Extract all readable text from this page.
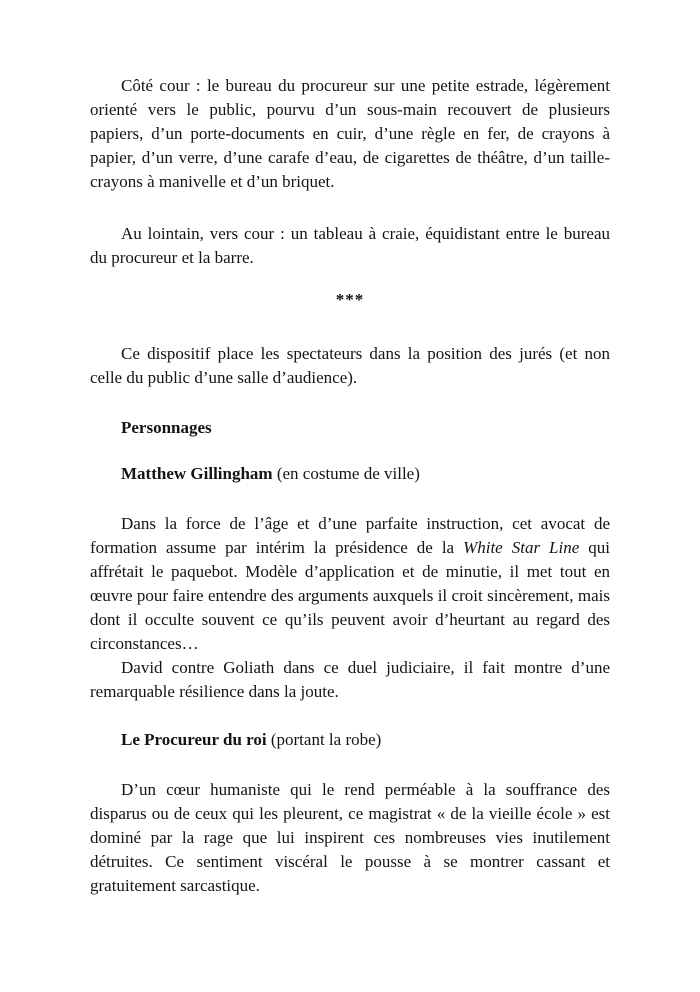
Côté cour : le bureau du procureur sur une petite estrade, légèrement orienté vers le public, pourvu d’un sous-main recouvert de plusieurs papiers, d’un porte-documents en cuir, d’une règle en fer, de crayons à papier, d’un verre, d’une carafe d’eau, de cigarettes de théâtre, d’un taille-crayons à manivelle et d’un briquet.

Au lointain, vers cour : un tableau à craie, équidistant entre le bureau du procureur et la barre.

***

Ce dispositif place les spectateurs dans la position des jurés (et non celle du public d’une salle d’audience).

Personnages

Matthew Gillingham (en costume de ville)

Dans la force de l’âge et d’une parfaite instruction, cet avocat de formation assume par intérim la présidence de la White Star Line qui affrétait le paquebot. Modèle d’application et de minutie, il met tout en œuvre pour faire entendre des arguments auxquels il croit sincèrement, mais dont il occulte souvent ce qu’ils peuvent avoir d’heurtant au regard des circonstances…

David contre Goliath dans ce duel judiciaire, il fait montre d’une remarquable résilience dans la joute.

Le Procureur du roi (portant la robe)

D’un cœur humaniste qui le rend perméable à la souffrance des disparus ou de ceux qui les pleurent, ce magistrat « de la vieille école » est dominé par la rage que lui inspirent ces nombreuses vies inutilement détruites. Ce sentiment viscéral le pousse à se montrer cassant et gratuitement sarcastique.
